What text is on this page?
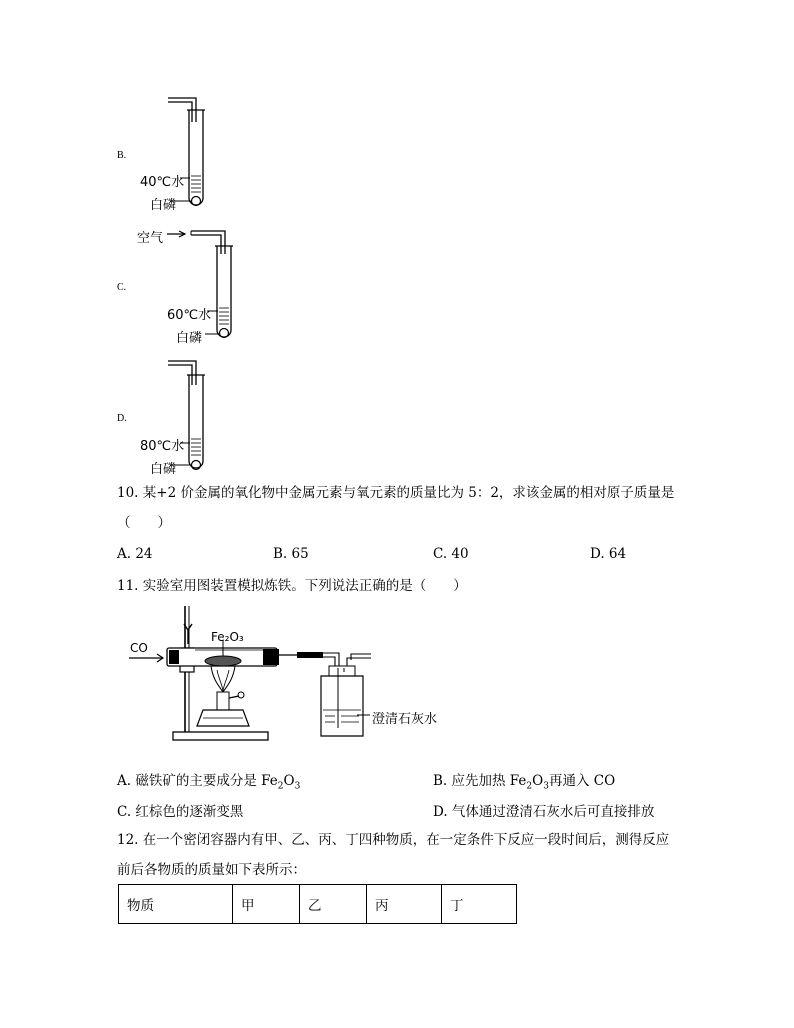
B.
40℃水
白磷
空气
C.
60℃水
白磷
D.
80℃水
白磷
10. 某+2 价金属的氧化物中金属元素与氧元素的质量比为 5：2，求该金属的相对原子质量是
（　　）
A. 24	B. 65	C. 40	D. 64
11. 实验室用图装置模拟炼铁。下列说法正确的是（　　）
CO
Fe₂O₃
澄清石灰水
A. 磁铁矿的主要成分是 $Fe_2O_3$	B. 应先加热 $Fe_2O_3$再通入 CO
C. 红棕色的逐渐变黑	D. 气体通过澄清石灰水后可直接排放
12. 在一个密闭容器内有甲、乙、丙、丁四种物质，在一定条件下反应一段时间后，测得反应
前后各物质的质量如下表所示：
物质	甲	乙	丙	丁
